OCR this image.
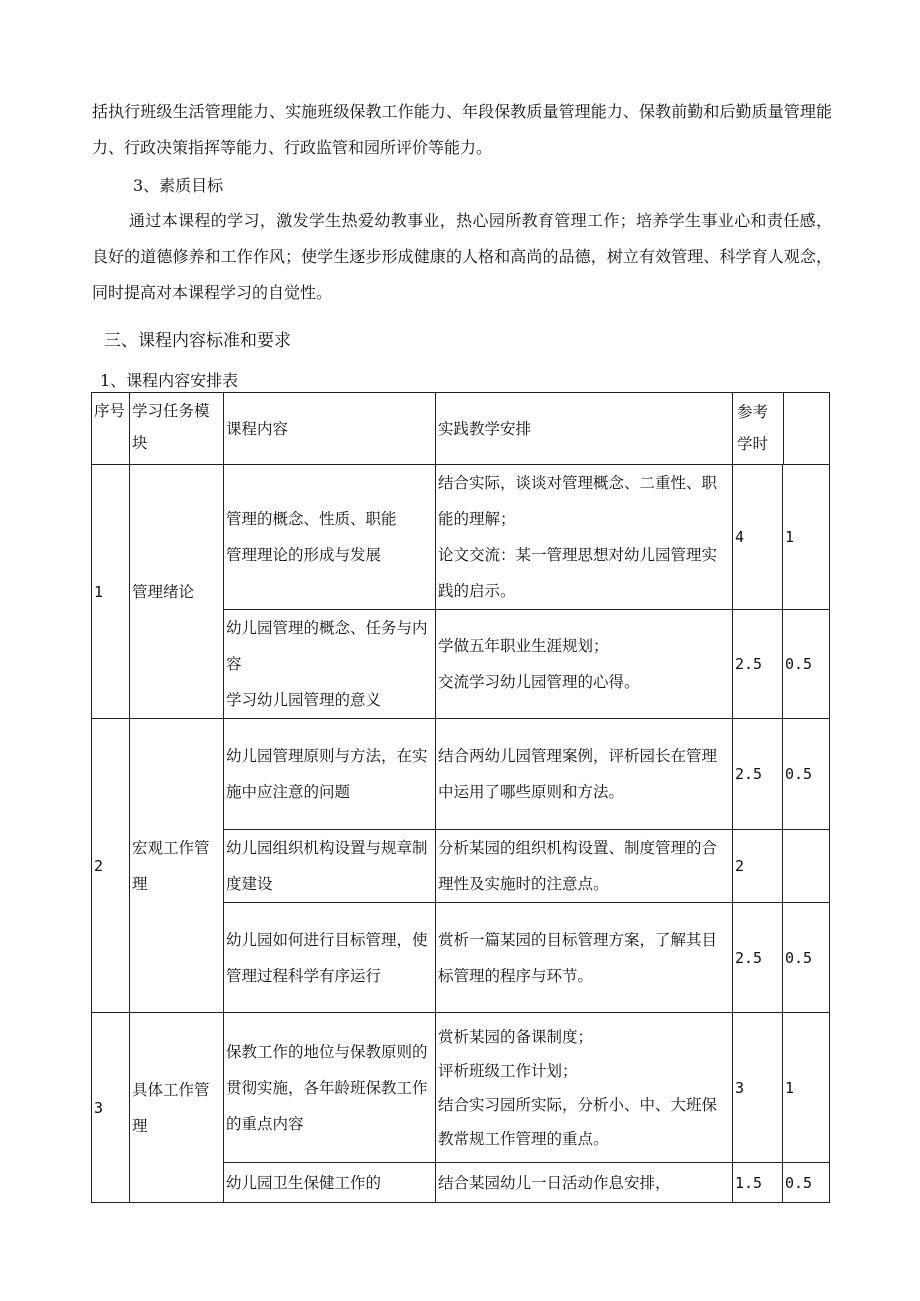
括执行班级生活管理能力、实施班级保教工作能力、年段保教质量管理能力、保教前勤和后勤质量管理能力、行政决策指挥等能力、行政监管和园所评价等能力。

3、素质目标

通过本课程的学习，激发学生热爱幼教事业，热心园所教育管理工作；培养学生事业心和责任感，良好的道德修养和工作作风；使学生逐步形成健康的人格和高尚的品德，树立有效管理、科学育人观念，同时提高对本课程学习的自觉性。

三、课程内容标准和要求

1、课程内容安排表

序号	学习任务模块	课程内容	实践教学安排	参考学时	

1	管理绪论	管理的概念、性质、职能
管理理论的形成与发展	结合实际，谈谈对管理概念、二重性、职能的理解；
论文交流：某一管理思想对幼儿园管理实践的启示。	4	1
		幼儿园管理的概念、任务与内容
学习幼儿园管理的意义	学做五年职业生涯规划；
交流学习幼儿园管理的心得。	2.5	0.5
2	宏观工作管理	幼儿园管理原则与方法，在实施中应注意的问题	结合两幼儿园管理案例，评析园长在管理中运用了哪些原则和方法。	2.5	0.5
		幼儿园组织机构设置与规章制度建设	分析某园的组织机构设置、制度管理的合理性及实施时的注意点。	2	
		幼儿园如何进行目标管理，使管理过程科学有序运行	赏析一篇某园的目标管理方案，了解其目标管理的程序与环节。	2.5	0.5
3	具体工作管理	保教工作的地位与保教原则的贯彻实施，各年龄班保教工作的重点内容	赏析某园的备课制度；
评析班级工作计划；
结合实习园所实际，分析小、中、大班保教常规工作管理的重点。	3	1
		幼儿园卫生保健工作的	结合某园幼儿一日活动作息安排，	1.5	0.5
